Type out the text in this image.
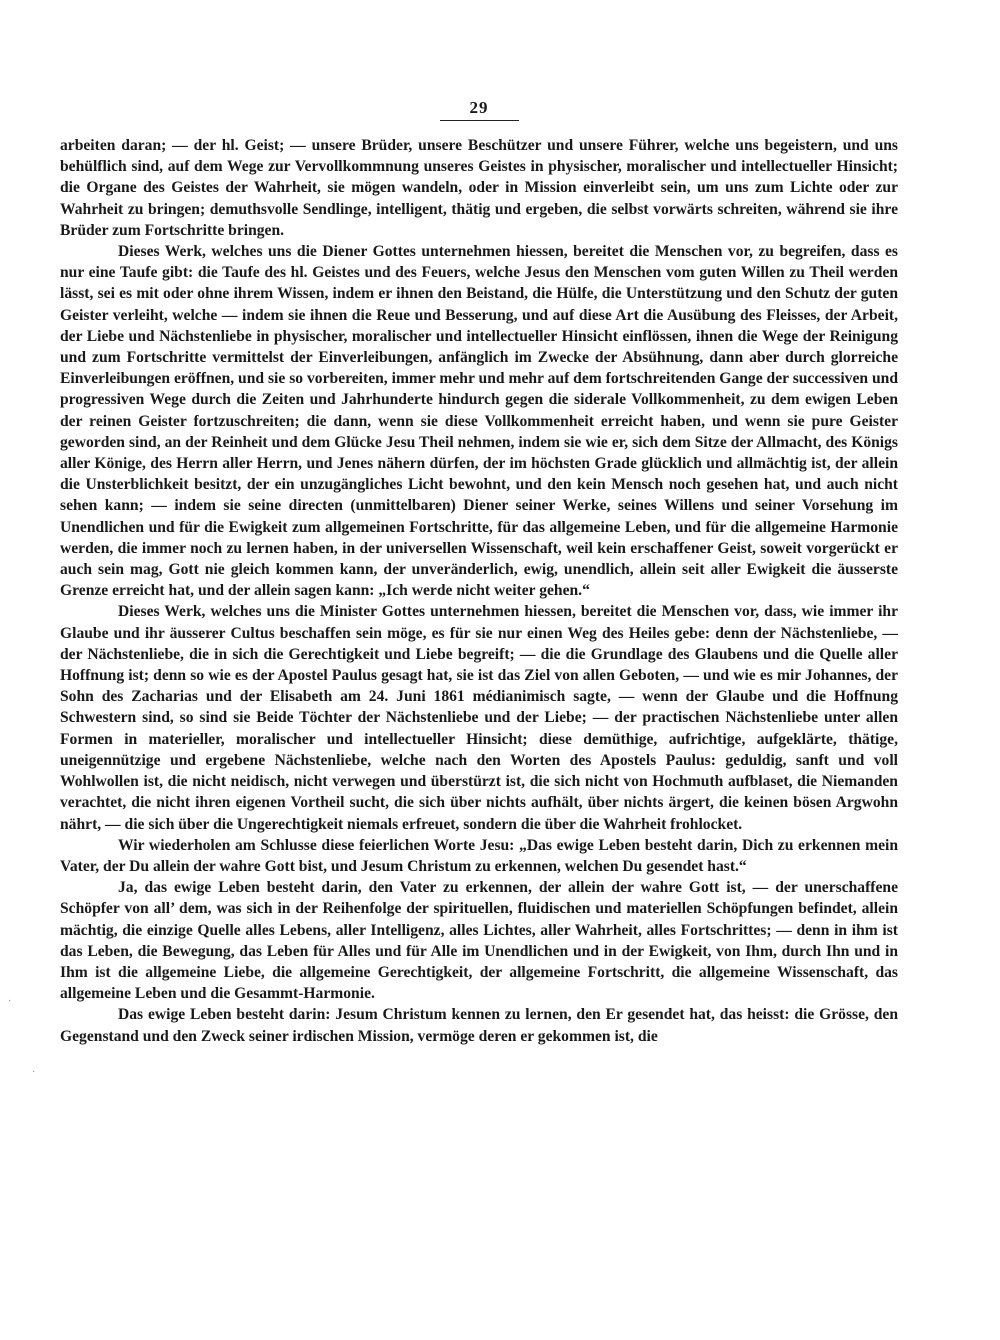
29

arbeiten daran; — der hl. Geist; — unsere Brüder, unsere Beschützer und unsere Führer, welche uns begeistern, und uns behülflich sind, auf dem Wege zur Vervollkommnung unseres Geistes in physischer, moralischer und intellectueller Hinsicht; die Organe des Geistes der Wahrheit, sie mögen wandeln, oder in Mission einverleibt sein, um uns zum Lichte oder zur Wahrheit zu bringen; demuthsvolle Sendlinge, intelligent, thätig und ergeben, die selbst vorwärts schreiten, während sie ihre Brüder zum Fortschritte bringen.

Dieses Werk, welches uns die Diener Gottes unternehmen hiessen, bereitet die Menschen vor, zu begreifen, dass es nur eine Taufe gibt: die Taufe des hl. Geistes und des Feuers, welche Jesus den Menschen vom guten Willen zu Theil werden lässt, sei es mit oder ohne ihrem Wissen, indem er ihnen den Beistand, die Hülfe, die Unterstützung und den Schutz der guten Geister verleiht, welche — indem sie ihnen die Reue und Besserung, und auf diese Art die Ausübung des Fleisses, der Arbeit, der Liebe und Nächstenliebe in physischer, moralischer und intellectueller Hinsicht einflössen, ihnen die Wege der Reinigung und zum Fortschritte vermittelst der Einverleibungen, anfänglich im Zwecke der Absühnung, dann aber durch glorreiche Einverleibungen eröffnen, und sie so vorbereiten, immer mehr und mehr auf dem fortschreitenden Gange der successiven und progressiven Wege durch die Zeiten und Jahrhunderte hindurch gegen die siderale Vollkommenheit, zu dem ewigen Leben der reinen Geister fortzuschreiten; die dann, wenn sie diese Vollkommenheit erreicht haben, und wenn sie pure Geister geworden sind, an der Reinheit und dem Glücke Jesu Theil nehmen, indem sie wie er, sich dem Sitze der Allmacht, des Königs aller Könige, des Herrn aller Herrn, und Jenes nähern dürfen, der im höchsten Grade glücklich und allmächtig ist, der allein die Unsterblichkeit besitzt, der ein unzugängliches Licht bewohnt, und den kein Mensch noch gesehen hat, und auch nicht sehen kann; — indem sie seine directen (unmittelbaren) Diener seiner Werke, seines Willens und seiner Vorsehung im Unendlichen und für die Ewigkeit zum allgemeinen Fortschritte, für das allgemeine Leben, und für die allgemeine Harmonie werden, die immer noch zu lernen haben, in der universellen Wissenschaft, weil kein erschaffener Geist, soweit vorgerückt er auch sein mag, Gott nie gleich kommen kann, der unveränderlich, ewig, unendlich, allein seit aller Ewigkeit die äusserste Grenze erreicht hat, und der allein sagen kann: „Ich werde nicht weiter gehen.“

Dieses Werk, welches uns die Minister Gottes unternehmen hiessen, bereitet die Menschen vor, dass, wie immer ihr Glaube und ihr äusserer Cultus beschaffen sein möge, es für sie nur einen Weg des Heiles gebe: denn der Nächstenliebe, — der Nächstenliebe, die in sich die Gerechtigkeit und Liebe begreift; — die die Grundlage des Glaubens und die Quelle aller Hoffnung ist; denn so wie es der Apostel Paulus gesagt hat, sie ist das Ziel von allen Geboten, — und wie es mir Johannes, der Sohn des Zacharias und der Elisabeth am 24. Juni 1861 médianimisch sagte, — wenn der Glaube und die Hoffnung Schwestern sind, so sind sie Beide Töchter der Nächstenliebe und der Liebe; — der practischen Nächstenliebe unter allen Formen in materieller, moralischer und intellectueller Hinsicht; diese demüthige, aufrichtige, aufgeklärte, thätige, uneigennützige und ergebene Nächstenliebe, welche nach den Worten des Apostels Paulus: geduldig, sanft und voll Wohlwollen ist, die nicht neidisch, nicht verwegen und überstürzt ist, die sich nicht von Hochmuth aufblaset, die Niemanden verachtet, die nicht ihren eigenen Vortheil sucht, die sich über nichts aufhält, über nichts ärgert, die keinen bösen Argwohn nährt, — die sich über die Ungerechtigkeit niemals erfreuet, sondern die über die Wahrheit frohlocket.

Wir wiederholen am Schlusse diese feierlichen Worte Jesu: „Das ewige Leben besteht darin, Dich zu erkennen mein Vater, der Du allein der wahre Gott bist, und Jesum Christum zu erkennen, welchen Du gesendet hast.“

Ja, das ewige Leben besteht darin, den Vater zu erkennen, der allein der wahre Gott ist, — der unerschaffene Schöpfer von all’ dem, was sich in der Reihenfolge der spirituellen, fluidischen und materiellen Schöpfungen befindet, allein mächtig, die einzige Quelle alles Lebens, aller Intelligenz, alles Lichtes, aller Wahrheit, alles Fortschrittes; — denn in ihm ist das Leben, die Bewegung, das Leben für Alles und für Alle im Unendlichen und in der Ewigkeit, von Ihm, durch Ihn und in Ihm ist die allgemeine Liebe, die allgemeine Gerechtigkeit, der allgemeine Fortschritt, die allgemeine Wissenschaft, das allgemeine Leben und die Gesammt-Harmonie.

Das ewige Leben besteht darin: Jesum Christum kennen zu lernen, den Er gesendet hat, das heisst: die Grösse, den Gegenstand und den Zweck seiner irdischen Mission, vermöge deren er gekommen ist, die

·
·
